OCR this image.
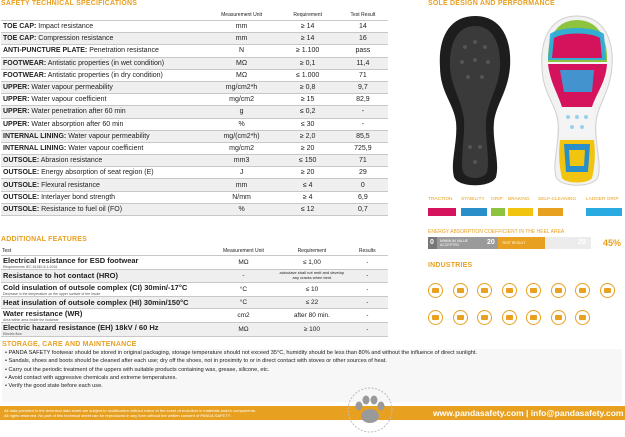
SAFETY TECHNICAL SPECIFICATIONS
	Measurement Unit	Requirement	Test Result
TOE CAP: Impact resistance	mm	≥ 14	14
TOE CAP: Compression resistance	mm	≥ 14	16
ANTI-PUNCTURE PLATE: Penetration resistance	N	≥ 1.100	pass
FOOTWEAR: Antistatic properties (in wet condition)	MΩ	≥ 0,1	11,4
FOOTWEAR: Antistatic properties (in dry condition)	MΩ	≤ 1.000	71
UPPER: Water vapour permeability	mg/cm2*h	≥ 0,8	9,7
UPPER: Water vapour coefficient	mg/cm2	≥ 15	82,9
UPPER: Water penetration after 60 min	g	≤ 0,2	-
UPPER: Water absorption after 60 min	%	≤ 30	-
INTERNAL LINING: Water vapour permeability	mg/(cm2*h)	≥ 2,0	85,5
INTERNAL LINING: Water vapour coefficient	mg/cm2	≥ 20	725,9
OUTSOLE: Abrasion resistance	mm3	≤ 150	71
OUTSOLE: Energy absorption of seat region (E)	J	≥ 20	29
OUTSOLE: Flexural resistance	mm	≤ 4	0
OUTSOLE: Interlayer bond strength	N/mm	≥ 4	6,9
OUTSOLE: Resistance to fuel oil (FO)	%	≤ 12	0,7
ADDITIONAL FEATURES
Test	Measurement Unit	Requirement	Results
Electrical resistance for ESD footwear
Requirements IEC 61340-5-1:2016	MΩ	≤ 1,00	-
Resistance to hot contact (HRO)	-	autoclave shall not melt and develop any cracks when bent	-
Cold insulation of outsole complex (CI) 30min/-17°C
Decrease in the temperature on the upper surface of the insole	°C	≤ 10	-
Heat insulation of outsole complex (HI) 30min/150°C	°C	≤ 22	-
Water resistance (WR)
Area within area inside the footwear	cm2	after 80 min.	-
Electric hazard resistance (EH) 18kV / 60 Hz
Electric flow	MΩ	≥ 100	-
STORAGE, CARE AND MAINTENANCE
• PANDA SAFETY footwear should be stored in original packaging, storage temperature should not exceed 35°C, humidity should be less than 80% and without the influence of direct sunlight.
• Sandals, shoes and boots should be cleaned after each use; dry off the shoes, not in proximity to or in direct contact with stoves or other sources of heat.
• Carry out the periodic treatment of the uppers with suitable products containing wax, grease, silicone, etc.
• Avoid contact with aggressive chemicals and extreme temperatures.
• Verify the good state before each use.
All data provided in the technical data sheet are subject to modification without notice in the event of evolution in materials and/or components.
All rights reserved. No part of this technical sheet can be reproduced in any form without the written consent of PANDA SAFETY.	www.pandasafety.com | info@pandasafety.com
SOLE DESIGN AND PERFORMANCE
TRACTION STABILITY GRIP BRAKING SELF-CLEANING LADDER GRIP
ENERGY ABSORPTION COEFFICIENT IN THE HEEL AREA
0 MINIMUM VALUE ACCEPTED	20 TEST RESULT	29 45%
INDUSTRIES
